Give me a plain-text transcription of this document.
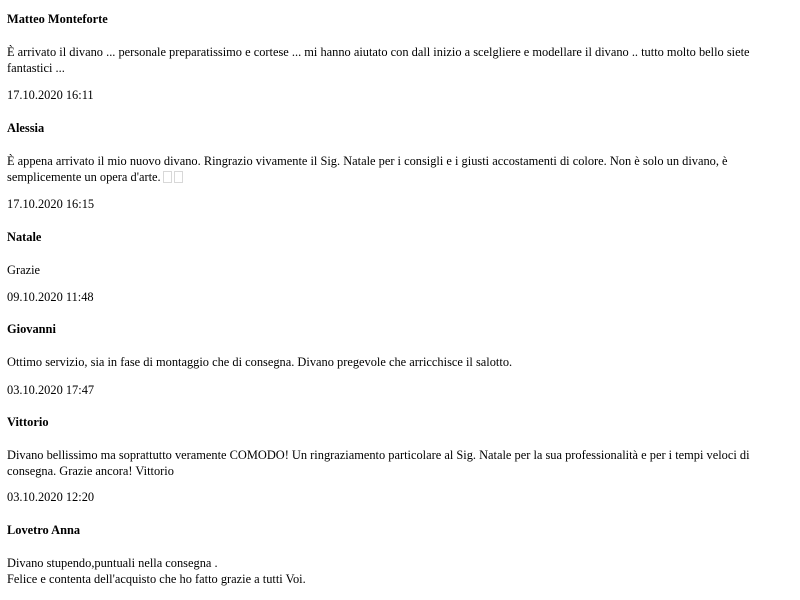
Matteo Monteforte

È arrivato il divano ... personale preparatissimo e cortese ... mi hanno aiutato con dall inizio a scelgliere e modellare il divano .. tutto molto bello siete
fantastici ...

17.10.2020 16:11

Alessia

È appena arrivato il mio nuovo divano. Ringrazio vivamente il Sig. Natale per i consigli e i giusti accostamenti di colore. Non è solo un divano, è
semplicemente un opera d'arte.

17.10.2020 16:15

Natale

Grazie

09.10.2020 11:48

Giovanni

Ottimo servizio, sia in fase di montaggio che di consegna. Divano pregevole che arricchisce il salotto.

03.10.2020 17:47

Vittorio

Divano bellissimo ma soprattutto veramente COMODO! Un ringraziamento particolare al Sig. Natale per la sua professionalità e per i tempi veloci di
consegna. Grazie ancora! Vittorio

03.10.2020 12:20

Lovetro Anna

Divano stupendo,puntuali nella consegna .
Felice e contenta dell'acquisto che ho fatto grazie a tutti Voi.
